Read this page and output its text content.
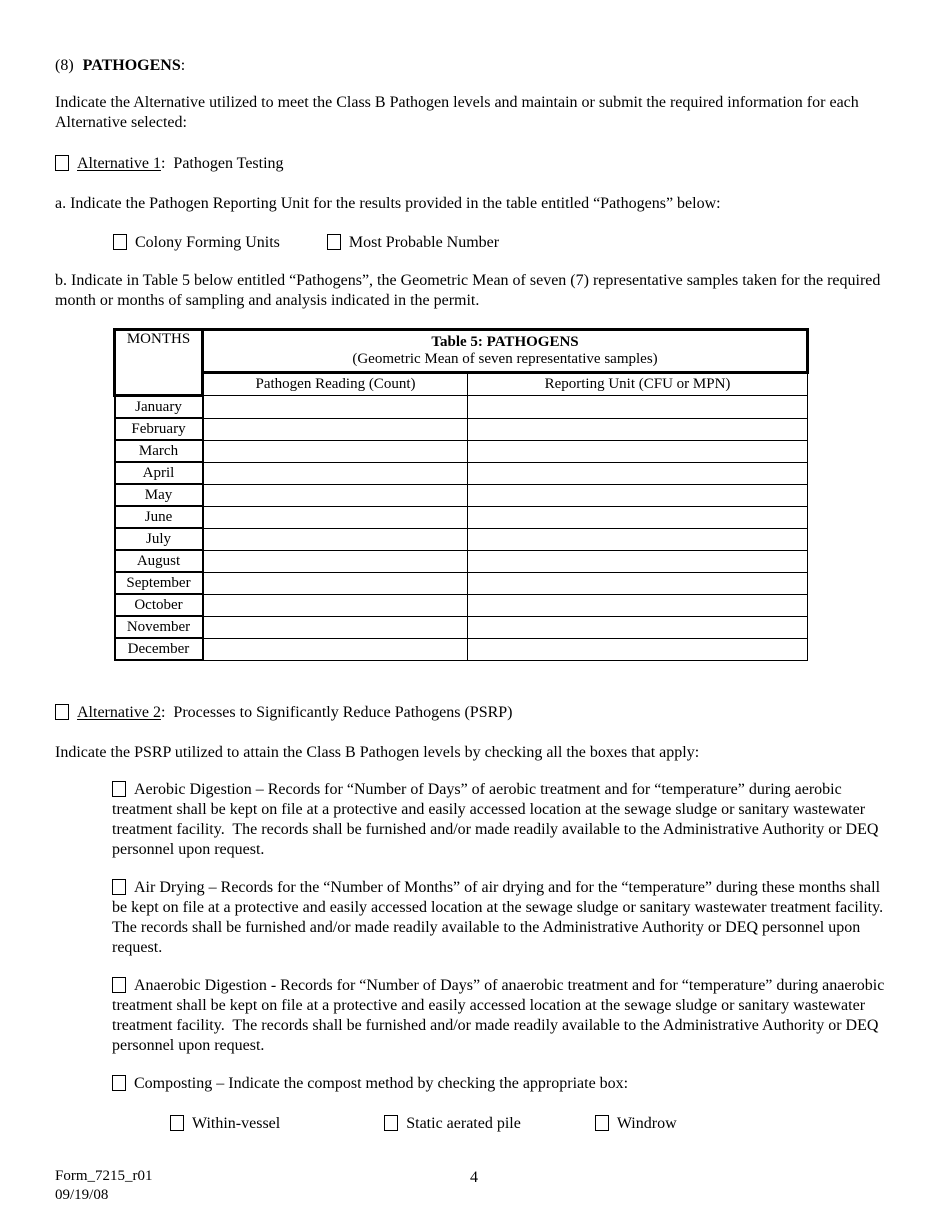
(8) PATHOGENS:

Indicate the Alternative utilized to meet the Class B Pathogen levels and maintain or submit the required information for each Alternative selected:

Alternative 1:  Pathogen Testing

a. Indicate the Pathogen Reporting Unit for the results provided in the table entitled “Pathogens” below:

Colony Forming Units	Most Probable Number

b. Indicate in Table 5 below entitled “Pathogens”, the Geometric Mean of seven (7) representative samples taken for the required month or months of sampling and analysis indicated in the permit.

MONTHS	Table 5: PATHOGENS
(Geometric Mean of seven representative samples)	

	Pathogen Reading (Count)	Reporting Unit (CFU or MPN)
January		
February		
March		
April		
May		
June		
July		
August		
September		
October		
November		
December		

Alternative 2:  Processes to Significantly Reduce Pathogens (PSRP)

Indicate the PSRP utilized to attain the Class B Pathogen levels by checking all the boxes that apply:

Aerobic Digestion – Records for “Number of Days” of aerobic treatment and for “temperature” during aerobic treatment shall be kept on file at a protective and easily accessed location at the sewage sludge or sanitary wastewater treatment facility.  The records shall be furnished and/or made readily available to the Administrative Authority or DEQ personnel upon request.

Air Drying – Records for the “Number of Months” of air drying and for the “temperature” during these months shall be kept on file at a protective and easily accessed location at the sewage sludge or sanitary wastewater treatment facility.  The records shall be furnished and/or made readily available to the Administrative Authority or DEQ personnel upon request.

Anaerobic Digestion - Records for “Number of Days” of anaerobic treatment and for “temperature” during anaerobic treatment shall be kept on file at a protective and easily accessed location at the sewage sludge or sanitary wastewater treatment facility.  The records shall be furnished and/or made readily available to the Administrative Authority or DEQ personnel upon request.

Composting – Indicate the compost method by checking the appropriate box:

Within-vessel	Static aerated pile	Windrow
Form_7215_r01
09/19/08
4
